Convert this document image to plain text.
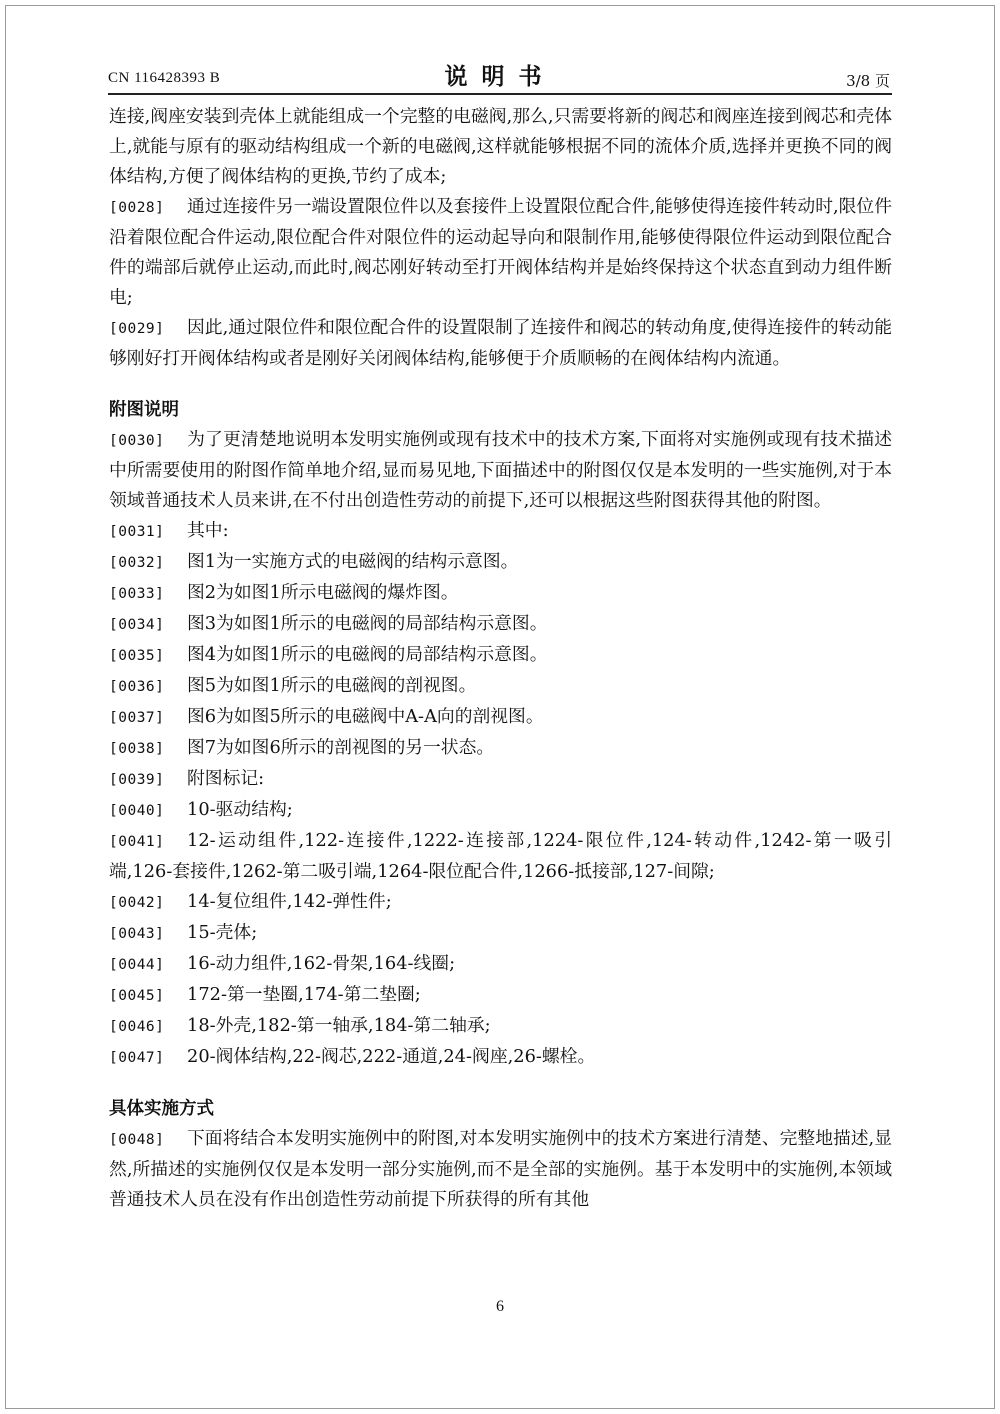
CN 116428393 B	说明书	3/8 页

连接,阀座安装到壳体上就能组成一个完整的电磁阀,那么,只需要将新的阀芯和阀座连接到阀芯和壳体上,就能与原有的驱动结构组成一个新的电磁阀,这样就能够根据不同的流体介质,选择并更换不同的阀体结构,方便了阀体结构的更换,节约了成本;

[0028] 通过连接件另一端设置限位件以及套接件上设置限位配合件,能够使得连接件转动时,限位件沿着限位配合件运动,限位配合件对限位件的运动起导向和限制作用,能够使得限位件运动到限位配合件的端部后就停止运动,而此时,阀芯刚好转动至打开阀体结构并是始终保持这个状态直到动力组件断电;

[0029] 因此,通过限位件和限位配合件的设置限制了连接件和阀芯的转动角度,使得连接件的转动能够刚好打开阀体结构或者是刚好关闭阀体结构,能够便于介质顺畅的在阀体结构内流通。

附图说明

[0030] 为了更清楚地说明本发明实施例或现有技术中的技术方案,下面将对实施例或现有技术描述中所需要使用的附图作简单地介绍,显而易见地,下面描述中的附图仅仅是本发明的一些实施例,对于本领域普通技术人员来讲,在不付出创造性劳动的前提下,还可以根据这些附图获得其他的附图。

[0031] 其中:

[0032] 图1为一实施方式的电磁阀的结构示意图。

[0033] 图2为如图1所示电磁阀的爆炸图。

[0034] 图3为如图1所示的电磁阀的局部结构示意图。

[0035] 图4为如图1所示的电磁阀的局部结构示意图。

[0036] 图5为如图1所示的电磁阀的剖视图。

[0037] 图6为如图5所示的电磁阀中A-A向的剖视图。

[0038] 图7为如图6所示的剖视图的另一状态。

[0039] 附图标记:

[0040] 10-驱动结构;

[0041] 12-运动组件,122-连接件,1222-连接部,1224-限位件,124-转动件,1242-第一吸引端,126-套接件,1262-第二吸引端,1264-限位配合件,1266-抵接部,127-间隙;

[0042] 14-复位组件,142-弹性件;

[0043] 15-壳体;

[0044] 16-动力组件,162-骨架,164-线圈;

[0045] 172-第一垫圈,174-第二垫圈;

[0046] 18-外壳,182-第一轴承,184-第二轴承;

[0047] 20-阀体结构,22-阀芯,222-通道,24-阀座,26-螺栓。

具体实施方式

[0048] 下面将结合本发明实施例中的附图,对本发明实施例中的技术方案进行清楚、完整地描述,显然,所描述的实施例仅仅是本发明一部分实施例,而不是全部的实施例。基于本发明中的实施例,本领域普通技术人员在没有作出创造性劳动前提下所获得的所有其他

6
